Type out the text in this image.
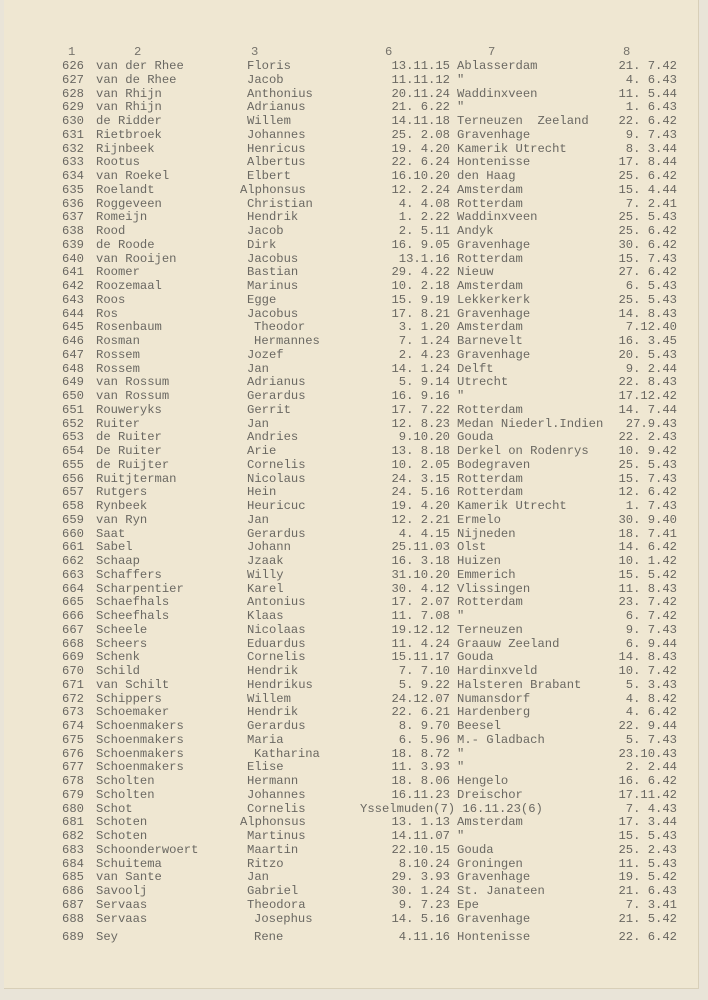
1	2	3	6	7	8
626 van der Rhee	Floris	13.11.15 Ablasserdam	21. 7.42
627 van de Rhee	Jacob	11.11.12 "	4. 6.43
628 van Rhijn	Anthonius	20.11.24 Waddinxveen	11. 5.44
629 van Rhijn	Adrianus	21. 6.22 "	1. 6.43
630 de Ridder	Willem	14.11.18 Terneuzen  Zeeland	22. 6.42
631 Rietbroek	Johannes	25. 2.08 Gravenhage	9. 7.43
632 Rijnbeek	Henricus	19. 4.20 Kamerik Utrecht	8. 3.44
633 Rootus	Albertus	22. 6.24 Hontenisse	17. 8.44
634 van Roekel	Elbert	16.10.20 den Haag	25. 6.42
635 Roelandt	Alphonsus	12. 2.24 Amsterdam	15. 4.44
636 Roggeveen	Christian	4. 4.08 Rotterdam	7. 2.41
637 Romeijn	Hendrik	1. 2.22 Waddinxveen	25. 5.43
638 Rood	Jacob	2. 5.11 Andyk	25. 6.42
639 de Roode	Dirk	16. 9.05 Gravenhage	30. 6.42
640 van Rooijen	Jacobus	13.1.16 Rotterdam	15. 7.43
641 Roomer	Bastian	29. 4.22 Nieuw	27. 6.42
642 Roozemaal	Marinus	10. 2.18 Amsterdam	6. 5.43
643 Roos	Egge	15. 9.19 Lekkerkerk	25. 5.43
644 Ros	Jacobus	17. 8.21 Gravenhage	14. 8.43
645 Rosenbaum	Theodor	3. 1.20 Amsterdam	7.12.40
646 Rosman	Hermannes	7. 1.24 Barnevelt	16. 3.45
647 Rossem	Jozef	2. 4.23 Gravenhage	20. 5.43
648 Rossem	Jan	14. 1.24 Delft	9. 2.44
649 van Rossum	Adrianus	5. 9.14 Utrecht	22. 8.43
650 van Rossum	Gerardus	16. 9.16 "	17.12.42
651 Rouweryks	Gerrit	17. 7.22 Rotterdam	14. 7.44
652 Ruiter	Jan	12. 8.23 Medan Niederl.Indien	27.9.43
653 de Ruiter	Andries	9.10.20 Gouda	22. 2.43
654 De Ruiter	Arie	13. 8.18 Derkel on Rodenrys	10. 9.42
655 de Ruijter	Cornelis	10. 2.05 Bodegraven	25. 5.43
656 Ruitjterman	Nicolaus	24. 3.15 Rotterdam	15. 7.43
657 Rutgers	Hein	24. 5.16 Rotterdam	12. 6.42
658 Rynbeek	Heuricuc	19. 4.20 Kamerik Utrecht	1. 7.43
659 van Ryn	Jan	12. 2.21 Ermelo	30. 9.40
660 Saat	Gerardus	4. 4.15 Nijneden	18. 7.41
661 Sabel	Johann	25.11.03 Olst	14. 6.42
662 Schaap	Jzaak	16. 3.18 Huizen	10. 1.42
663 Schaffers	Willy	31.10.20 Emmerich	15. 5.42
664 Scharpentier	Karel	30. 4.12 Vlissingen	11. 8.43
665 Schaefhals	Antonius	17. 2.07 Rotterdam	23. 7.42
666 Scheefhals	Klaas	11. 7.08 "	6. 7.42
667 Scheele	Nicolaas	19.12.12 Terneuzen	9. 7.43
668 Scheers	Eduardus	11. 4.24 Graauw Zeeland	6. 9.44
669 Schenk	Cornelis	15.11.17 Gouda	14. 8.43
670 Schild	Hendrik	7. 7.10 Hardinxveld	10. 7.42
671 van Schilt	Hendrikus	5. 9.22 Halsteren Brabant	5. 3.43
672 Schippers	Willem	24.12.07 Numansdorf	4. 8.42
673 Schoemaker	Hendrik	22. 6.21 Hardenberg	4. 6.42
674 Schoenmakers	Gerardus	8. 9.70 Beesel	22. 9.44
675 Schoenmakers	Maria	6. 5.96 M.- Gladbach	5. 7.43
676 Schoenmakers	Katharina	18. 8.72 "	23.10.43
677 Schoenmakers	Elise	11. 3.93 "	2. 2.44
678 Scholten	Hermann	18. 8.06 Hengelo	16. 6.42
679 Scholten	Johannes	16.11.23 Dreischor	17.11.42
680 Schot	Cornelis	Ysselmuden(7) 16.11.23(6)	7. 4.43
681 Schoten	Alphonsus	13. 1.13 Amsterdam	17. 3.44
682 Schoten	Martinus	14.11.07 "	15. 5.43
683 Schoonderwoert	Maartin	22.10.15 Gouda	25. 2.43
684 Schuitema	Ritzo	8.10.24 Groningen	11. 5.43
685 van Sante	Jan	29. 3.93 Gravenhage	19. 5.42
686 Savoolj	Gabriel	30. 1.24 St. Janateen	21. 6.43
687 Servaas	Theodora	9. 7.23 Epe	7. 3.41
688 Servaas	Josephus	14. 5.16 Gravenhage	21. 5.42
689 Sey	Rene	4.11.16 Hontenisse	22. 6.42
